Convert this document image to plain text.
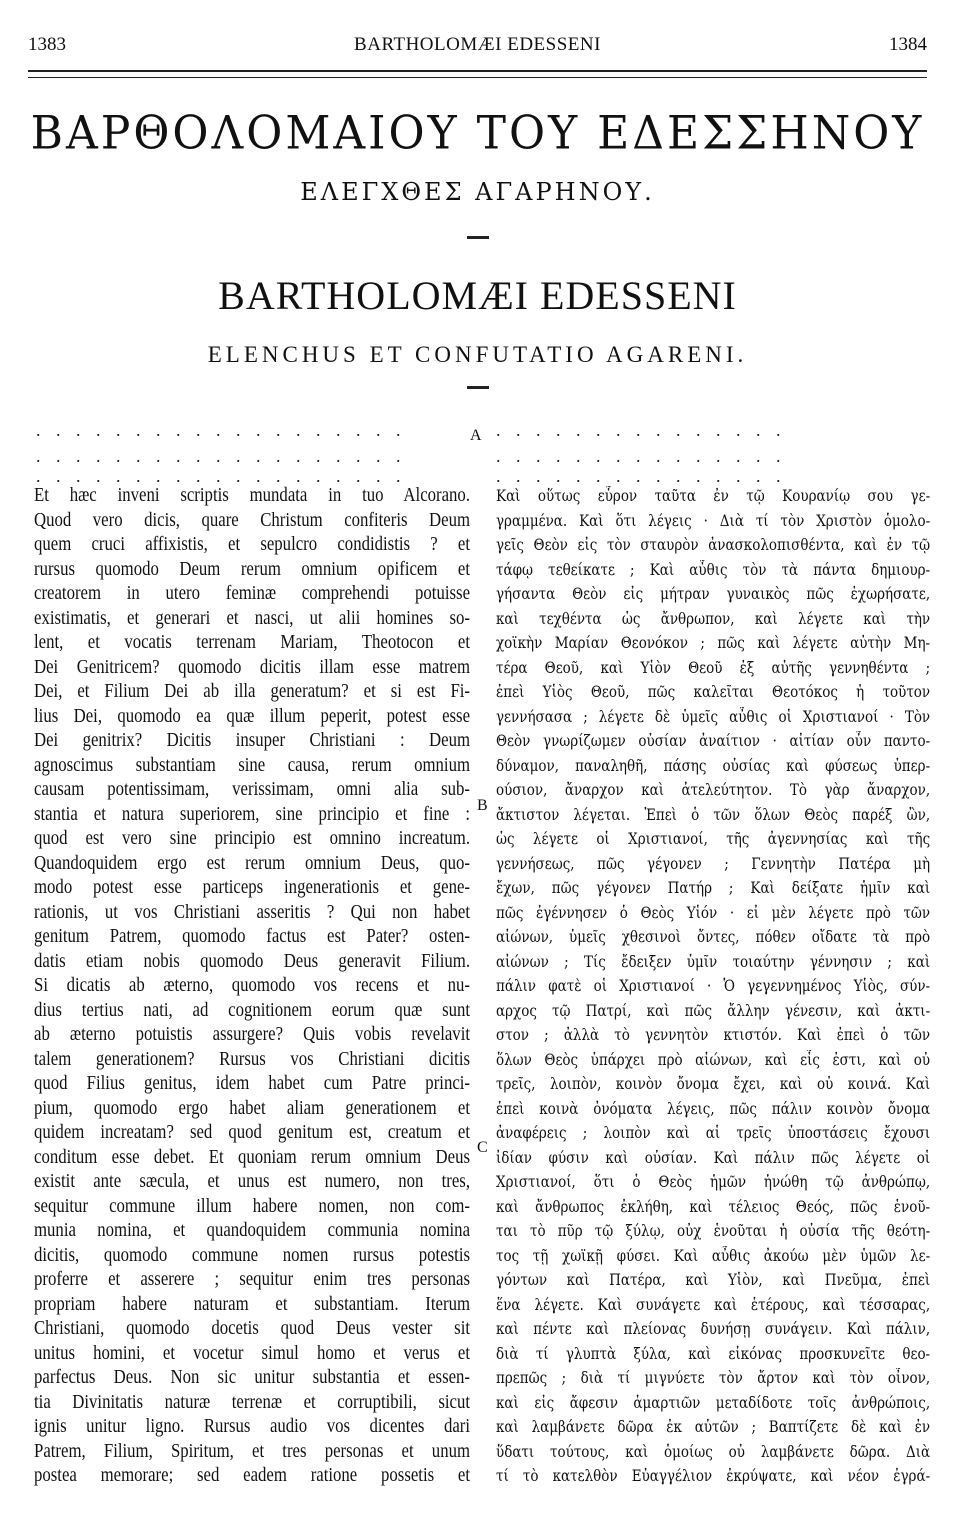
1383	BARTHOLOMÆI EDESSENI	1384
ΒΑΡΘΟΛΟΜΑΙΟΥ ΤΟΥ ΕΔΕΣΣΗΝΟΥ
ΕΛΕΓΧΘΕΣ ΑΓΑΡΗΝΟΥ.
BARTHOLOMÆI EDESSENI
ELENCHUS ET CONFUTATIO AGARENI.
...................	A ...............
...................	...............
...................	...............
Et hæc inveni scriptis mundata in tuo Alcorano.
Quod vero dicis, quare Christum confiteris Deum
quem cruci affixistis, et sepulcro condidistis ? et
rursus quomodo Deum rerum omnium opificem et
creatorem in utero feminæ comprehendi potuisse
existimatis, et generari et nasci, ut alii homines so-
lent, et vocatis terrenam Mariam, Theotocon et
Dei Genitricem? quomodo dicitis illam esse matrem
Dei, et Filium Dei ab illa generatum? et si est Fi-
lius Dei, quomodo ea quæ illum peperit, potest esse
Dei genitrix? Dicitis insuper Christiani : Deum
agnoscimus substantiam sine causa, rerum omnium
causam potentissimam, verissimam, omni alia sub-
stantia et natura superiorem, sine principio et fine :
quod est vero sine principio est omnino increatum.
Quandoquidem ergo est rerum omnium Deus, quo-
modo potest esse particeps ingenerationis et gene-
rationis, ut vos Christiani asseritis ? Qui non habet
genitum Patrem, quomodo factus est Pater? osten-
datis etiam nobis quomodo Deus generavit Filium.
Si dicatis ab æterno, quomodo vos recens et nu-
dius tertius nati, ad cognitionem eorum quæ sunt
ab æterno potuistis assurgere? Quis vobis revelavit
talem generationem? Rursus vos Christiani dicitis
quod Filius genitus, idem habet cum Patre princi-
pium, quomodo ergo habet aliam generationem et
quidem increatam? sed quod genitum est, creatum et
conditum esse debet. Et quoniam rerum omnium Deus
existit ante sæcula, et unus est numero, non tres,
sequitur commune illum habere nomen, non com-
munia nomina, et quandoquidem communia nomina
dicitis, quomodo commune nomen rursus potestis
proferre et asserere ; sequitur enim tres personas
propriam habere naturam et substantiam. Iterum
Christiani, quomodo docetis quod Deus vester sit
unitus homini, et vocetur simul homo et verus et
parfectus Deus. Non sic unitur substantia et essen-
tia Divinitatis naturæ terrenæ et corruptibili, sicut
ignis unitur ligno. Rursus audio vos dicentes dari
Patrem, Filium, Spiritum, et tres personas et unum
postea memorare; sed eadem ratione possetis et
Καὶ οὕτως εὗρον ταῦτα ἐν τῷ Κουρανίῳ σου γε-
γραμμένα. Καὶ ὅτι λέγεις · Διὰ τί τὸν Χριστὸν ὁμολο-
γεῖς Θεὸν εἰς τὸν σταυρὸν ἀνασκολοπισθέντα, καὶ ἐν τῷ
τάφῳ τεθείκατε ; Καὶ αὖθις τὸν τὰ πάντα δημιουρ-
γήσαντα Θεὸν εἰς μήτραν γυναικὸς πῶς ἐχωρήσατε,
καὶ τεχθέντα ὡς ἄνθρωπον, καὶ λέγετε καὶ τὴν
χοϊκὴν Μαρίαν Θεονόκον ; πῶς καὶ λέγετε αὐτὴν Μη-
τέρα Θεοῦ, καὶ Υἱὸν Θεοῦ ἐξ αὐτῆς γεννηθέντα ;
ἐπεὶ Υἱὸς Θεοῦ, πῶς καλεῖται Θεοτόκος ἡ τοῦτον
γεννήσασα ; λέγετε δὲ ὑμεῖς αὖθις οἱ Χριστιανοί · Τὸν
Θεὸν γνωρίζωμεν οὐσίαν ἀναίτιον · αἰτίαν οὖν παντο-
δύναμον, παναληθῆ, πάσης οὐσίας καὶ φύσεως ὑπερ-
ούσιον, ἄναρχον καὶ ἀτελεύτητον. Τὸ γὰρ ἄναρχον,
ἄκτιστον λέγεται. Ἐπεὶ ὁ τῶν ὅλων Θεὸς παρέξ ὢν,
ὡς λέγετε οἱ Χριστιανοί, τῆς ἀγεννησίας καὶ τῆς
γεννήσεως, πῶς γέγονεν ; Γεννητὴν Πατέρα μὴ
ἔχων, πῶς γέγονεν Πατήρ ; Καὶ δείξατε ἡμῖν καὶ
πῶς ἐγέννησεν ὁ Θεὸς Υἱόν · εἰ μὲν λέγετε πρὸ τῶν
αἰώνων, ὑμεῖς χθεσινοὶ ὄντες, πόθεν οἴδατε τὰ πρὸ
αἰώνων ; Τίς ἔδειξεν ὑμῖν τοιαύτην γέννησιν ; καὶ
πάλιν φατὲ οἱ Χριστιανοί · Ὁ γεγεννημένος Υἱὸς, σύν-
αρχος τῷ Πατρί, καὶ πῶς ἄλλην γένεσιν, καὶ ἀκτι-
στον ; ἀλλὰ τὸ γεννητὸν κτιστόν. Καὶ ἐπεὶ ὁ τῶν
ὅλων Θεὸς ὑπάρχει πρὸ αἰώνων, καὶ εἷς ἐστι, καὶ οὐ
τρεῖς, λοιπὸν, κοινὸν ὄνομα ἔχει, καὶ οὐ κοινά. Καὶ
ἐπεὶ κοινὰ ὀνόματα λέγεις, πῶς πάλιν κοινὸν ὄνομα
ἀναφέρεις ; λοιπὸν καὶ αἱ τρεῖς ὑποστάσεις ἔχουσι
ἰδίαν φύσιν καὶ οὐσίαν. Καὶ πάλιν πῶς λέγετε οἱ
Χριστιανοί, ὅτι ὁ Θεὸς ἡμῶν ἡνώθη τῷ ἀνθρώπῳ,
καὶ ἄνθρωπος ἐκλήθη, καὶ τέλειος Θεός, πῶς ἑνοῦ-
ται τὸ πῦρ τῷ ξύλῳ, οὐχ ἑνοῦται ἡ οὐσία τῆς θεότη-
τος τῇ χωϊκῇ φύσει. Καὶ αὖθις ἀκούω μὲν ὑμῶν λε-
γόντων καὶ Πατέρα, καὶ Υἱὸν, καὶ Πνεῦμα, ἐπεὶ
ἕνα λέγετε. Καὶ συνάγετε καὶ ἑτέρους, καὶ τέσσαρας,
καὶ πέντε καὶ πλείονας δυνήσῃ συνάγειν. Καὶ πάλιν,
διὰ τί γλυπτὰ ξύλα, καὶ εἰκόνας προσκυνεῖτε θεο-
πρεπῶς ; διὰ τί μιγνύετε τὸν ἄρτον καὶ τὸν οἶνον,
καὶ εἰς ἄφεσιν ἁμαρτιῶν μεταδίδοτε τοῖς ἀνθρώποις,
καὶ λαμβάνετε δῶρα ἐκ αὐτῶν ; Βαπτίζετε δὲ καὶ ἐν
ὕδατι τούτους, καὶ ὁμοίως οὐ λαμβάνετε δῶρα. Διὰ
τί τὸ κατελθὸν Εὐαγγέλιον ἐκρύψατε, καὶ νέον ἐγρά-
B
C
